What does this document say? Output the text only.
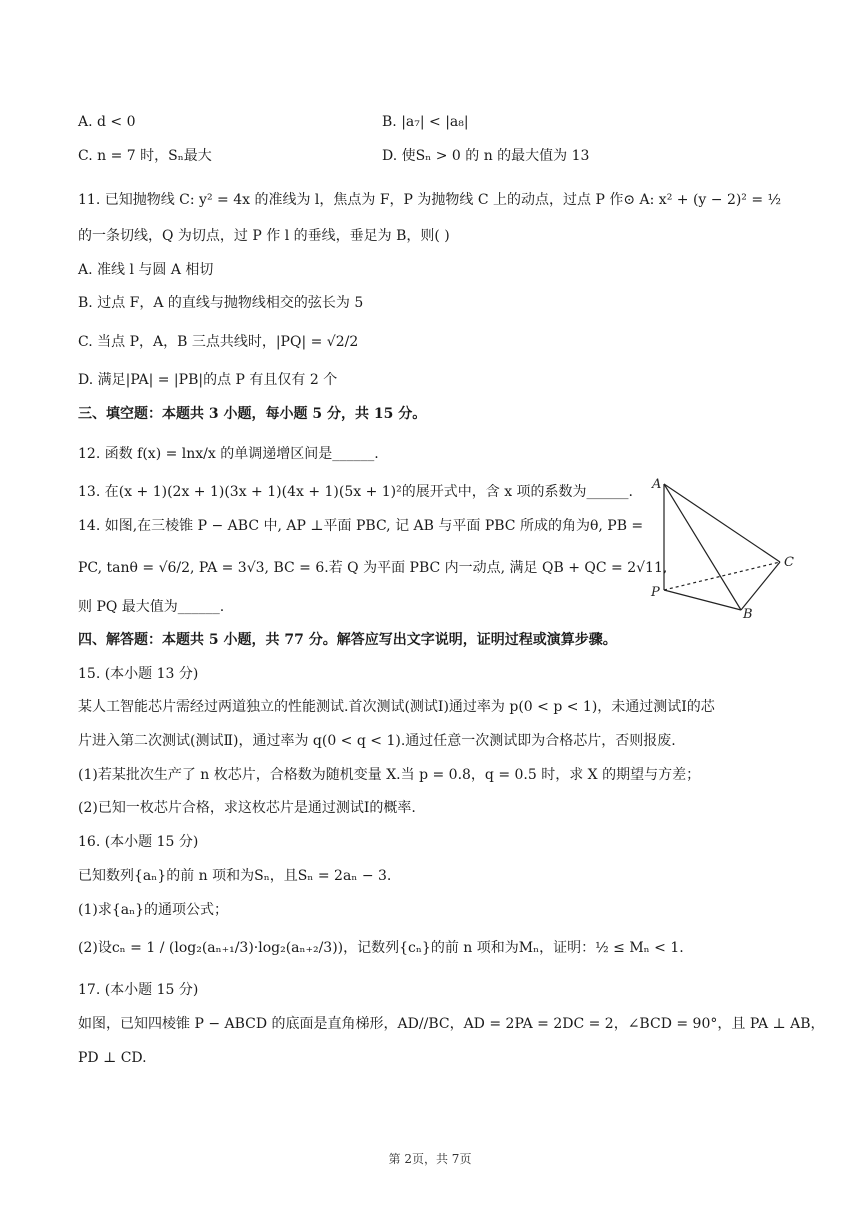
A. d < 0	B. |a₇| < |a₈|
C. n = 7 时，Sₙ最大	D. 使Sₙ > 0 的 n 的最大值为 13
11. 已知抛物线 C: y² = 4x 的准线为 l，焦点为 F，P 为抛物线 C 上的动点，过点 P 作⊙ A: x² + (y − 2)² = ½
的一条切线，Q 为切点，过 P 作 l 的垂线，垂足为 B，则( )
A. 准线 l 与圆 A 相切
B. 过点 F，A 的直线与抛物线相交的弦长为 5
C. 当点 P，A，B 三点共线时，|PQ| = √2/2
D. 满足|PA| = |PB|的点 P 有且仅有 2 个
三、填空题：本题共 3 小题，每小题 5 分，共 15 分。
12. 函数 f(x) = lnx/x 的单调递增区间是______.
13. 在(x + 1)(2x + 1)(3x + 1)(4x + 1)(5x + 1)²的展开式中，含 x 项的系数为______.
14. 如图,在三棱锥 P − ABC 中, AP ⊥平面 PBC, 记 AB 与平面 PBC 所成的角为θ, PB =
PC, tanθ = √6/2, PA = 3√3, BC = 6.若 Q 为平面 PBC 内一动点, 满足 QB + QC = 2√11,
则 PQ 最大值为______.
四、解答题：本题共 5 小题，共 77 分。解答应写出文字说明，证明过程或演算步骤。
15. (本小题 13 分)
某人工智能芯片需经过两道独立的性能测试.首次测试(测试Ⅰ)通过率为 p(0 < p < 1)，未通过测试Ⅰ的芯
片进入第二次测试(测试Ⅱ)，通过率为 q(0 < q < 1).通过任意一次测试即为合格芯片，否则报废.
(1)若某批次生产了 n 枚芯片，合格数为随机变量 X.当 p = 0.8，q = 0.5 时，求 X 的期望与方差；
(2)已知一枚芯片合格，求这枚芯片是通过测试Ⅰ的概率.
16. (本小题 15 分)
已知数列{aₙ}的前 n 项和为Sₙ，且Sₙ = 2aₙ − 3.
(1)求{aₙ}的通项公式；
(2)设cₙ = 1 / (log₂(aₙ₊₁/3)·log₂(aₙ₊₂/3))，记数列{cₙ}的前 n 项和为Mₙ，证明：½ ≤ Mₙ < 1.
17. (本小题 15 分)
如图，已知四棱锥 P − ABCD 的底面是直角梯形，AD//BC，AD = 2PA = 2DC = 2，∠BCD = 90°，且 PA ⊥ AB，
PD ⊥ CD.
A
P
B
C
第 2页，共 7页
